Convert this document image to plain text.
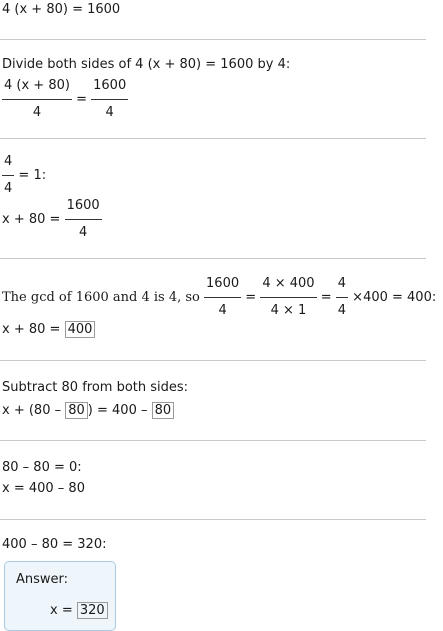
4 (x + 80) = 1600
Divide both sides of 4 (x + 80) = 1600 by 4:
$\frac{4 (x + 80)}{4} = \frac{1600}{4}$
$\frac{4}{4} = 1$:
$x + 80 = \frac{1600}{4}$
The gcd of 1600 and 4 is 4, so $\frac{1600}{4} = \frac{4 \times 400}{4 \times 1} = \frac{4}{4} \times 400 = 400$:
x + 80 = 400
Subtract 80 from both sides:
x + (80 – 80 ) = 400 – 80
80 – 80 = 0:
x = 400 – 80
400 – 80 = 320:
Answer:
x = 320
